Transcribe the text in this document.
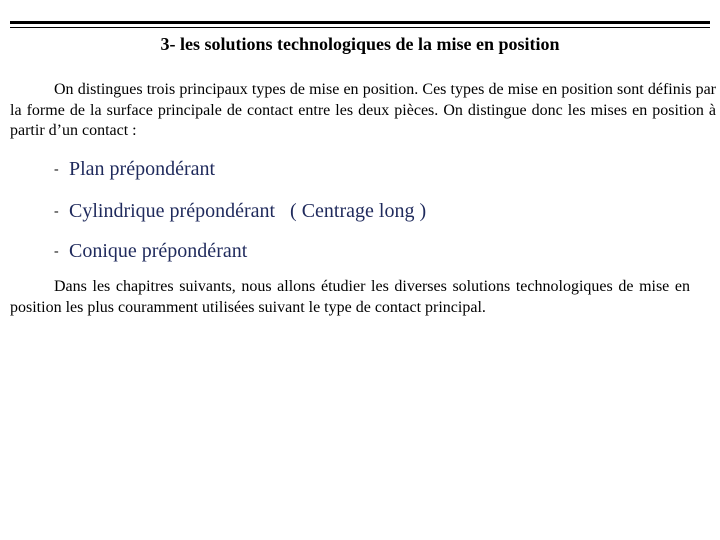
3- les solutions technologiques de la mise en position

On distingues trois principaux types de mise en position. Ces types de mise en position sont définis par la forme de la surface principale de contact entre les deux pièces. On distingue donc les mises en position à partir d’un contact :

- Plan prépondérant
- Cylindrique prépondérant   ( Centrage long )
- Conique prépondérant

Dans les chapitres suivants, nous allons étudier les diverses solutions technologiques de mise en position les plus couramment utilisées suivant le type de contact principal.
